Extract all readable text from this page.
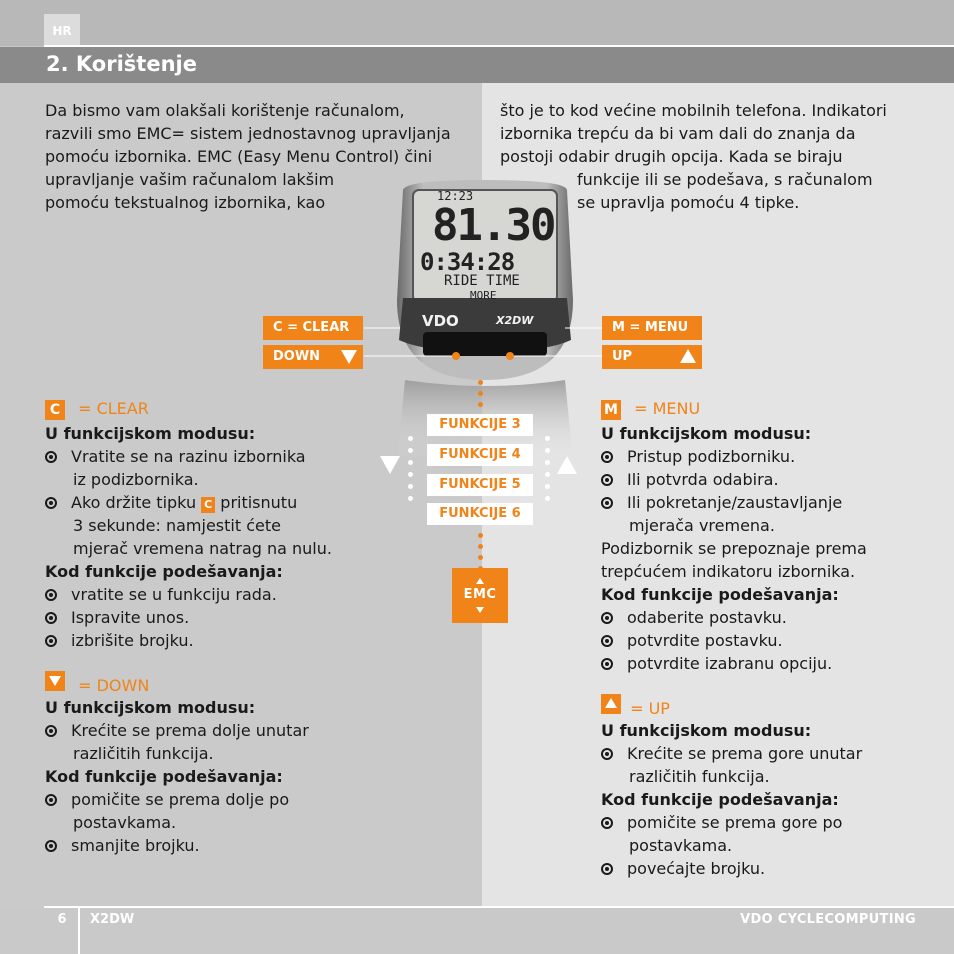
HR
2. Korištenje
Da bismo vam olakšali korištenje računalom,
razvili smo EMC= sistem jednostavnog upravljanja
pomoću izbornika. EMC (Easy Menu Control) čini
upravljanje vašim računalom lakšim
pomoću tekstualnog izbornika, kao
što je to kod većine mobilnih telefona. Indikatori
izbornika trepću da bi vam dali do znanja da
postoji odabir drugih opcija. Kada se biraju
funkcije ili se podešava, s računalom
se upravlja pomoću 4 tipke.
12:23
81.30
0:34:28
RIDE TIME
MORE
VDO	X2DW
C = CLEAR
DOWN
M = MENU
UP
FUNKCIJE 3
FUNKCIJE 4
FUNKCIJE 5
FUNKCIJE 6
EMC
C = CLEAR
U funkcijskom modusu:
Vratite se na razinu izbornika
iz podizbornika.
Ako držite tipku C pritisnutu
3 sekunde: namjestit ćete
mjerač vremena natrag na nulu.
Kod funkcije podešavanja:
vratite se u funkciju rada.
Ispravite unos.
izbrišite brojku.
= DOWN
U funkcijskom modusu:
Krećite se prema dolje unutar
različitih funkcija.
Kod funkcije podešavanja:
pomičite se prema dolje po
postavkama.
smanjite brojku.
M = MENU
U funkcijskom modusu:
Pristup podizborniku.
Ili potvrda odabira.
Ili pokretanje/zaustavljanje
mjerača vremena.
Podizbornik se prepoznaje prema
trepćućem indikatoru izbornika.
Kod funkcije podešavanja:
odaberite postavku.
potvrdite postavku.
potvrdite izabranu opciju.
= UP
U funkcijskom modusu:
Krećite se prema gore unutar
različitih funkcija.
Kod funkcije podešavanja:
pomičite se prema gore po
postavkama.
povećajte brojku.
6	X2DW	VDO CYCLECOMPUTING
